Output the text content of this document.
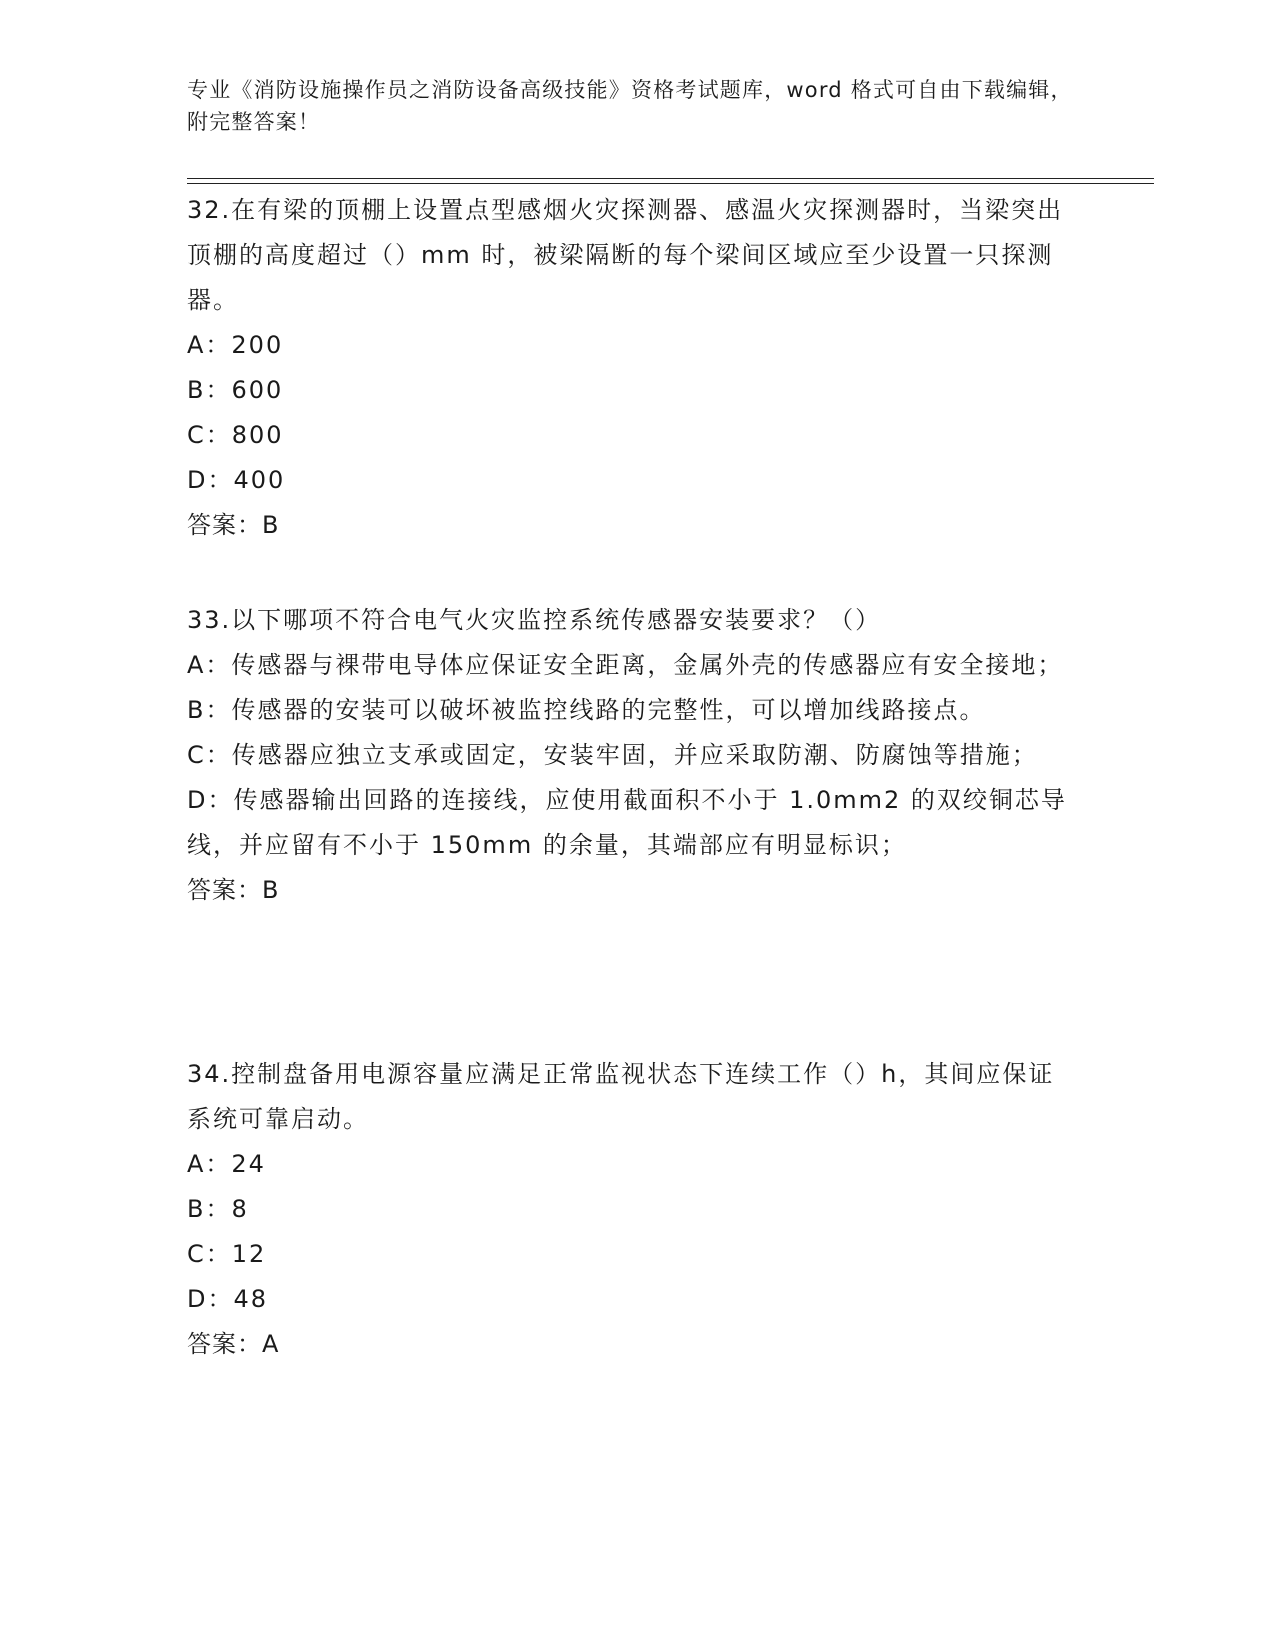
专业《消防设施操作员之消防设备高级技能》资格考试题库，word 格式可自由下载编辑，附完整答案！
32.在有梁的顶棚上设置点型感烟火灾探测器、感温火灾探测器时，当梁突出顶棚的高度超过（）mm 时，被梁隔断的每个梁间区域应至少设置一只探测器。
A：200
B：600
C：800
D：400
答案：B
33.以下哪项不符合电气火灾监控系统传感器安装要求？（）
A：传感器与裸带电导体应保证安全距离，金属外壳的传感器应有安全接地；
B：传感器的安装可以破坏被监控线路的完整性，可以增加线路接点。
C：传感器应独立支承或固定，安装牢固，并应采取防潮、防腐蚀等措施；
D：传感器输出回路的连接线，应使用截面积不小于 1.0mm2 的双绞铜芯导线，并应留有不小于 150mm 的余量，其端部应有明显标识；
答案：B
34.控制盘备用电源容量应满足正常监视状态下连续工作（）h，其间应保证系统可靠启动。
A：24
B：8
C：12
D：48
答案：A
